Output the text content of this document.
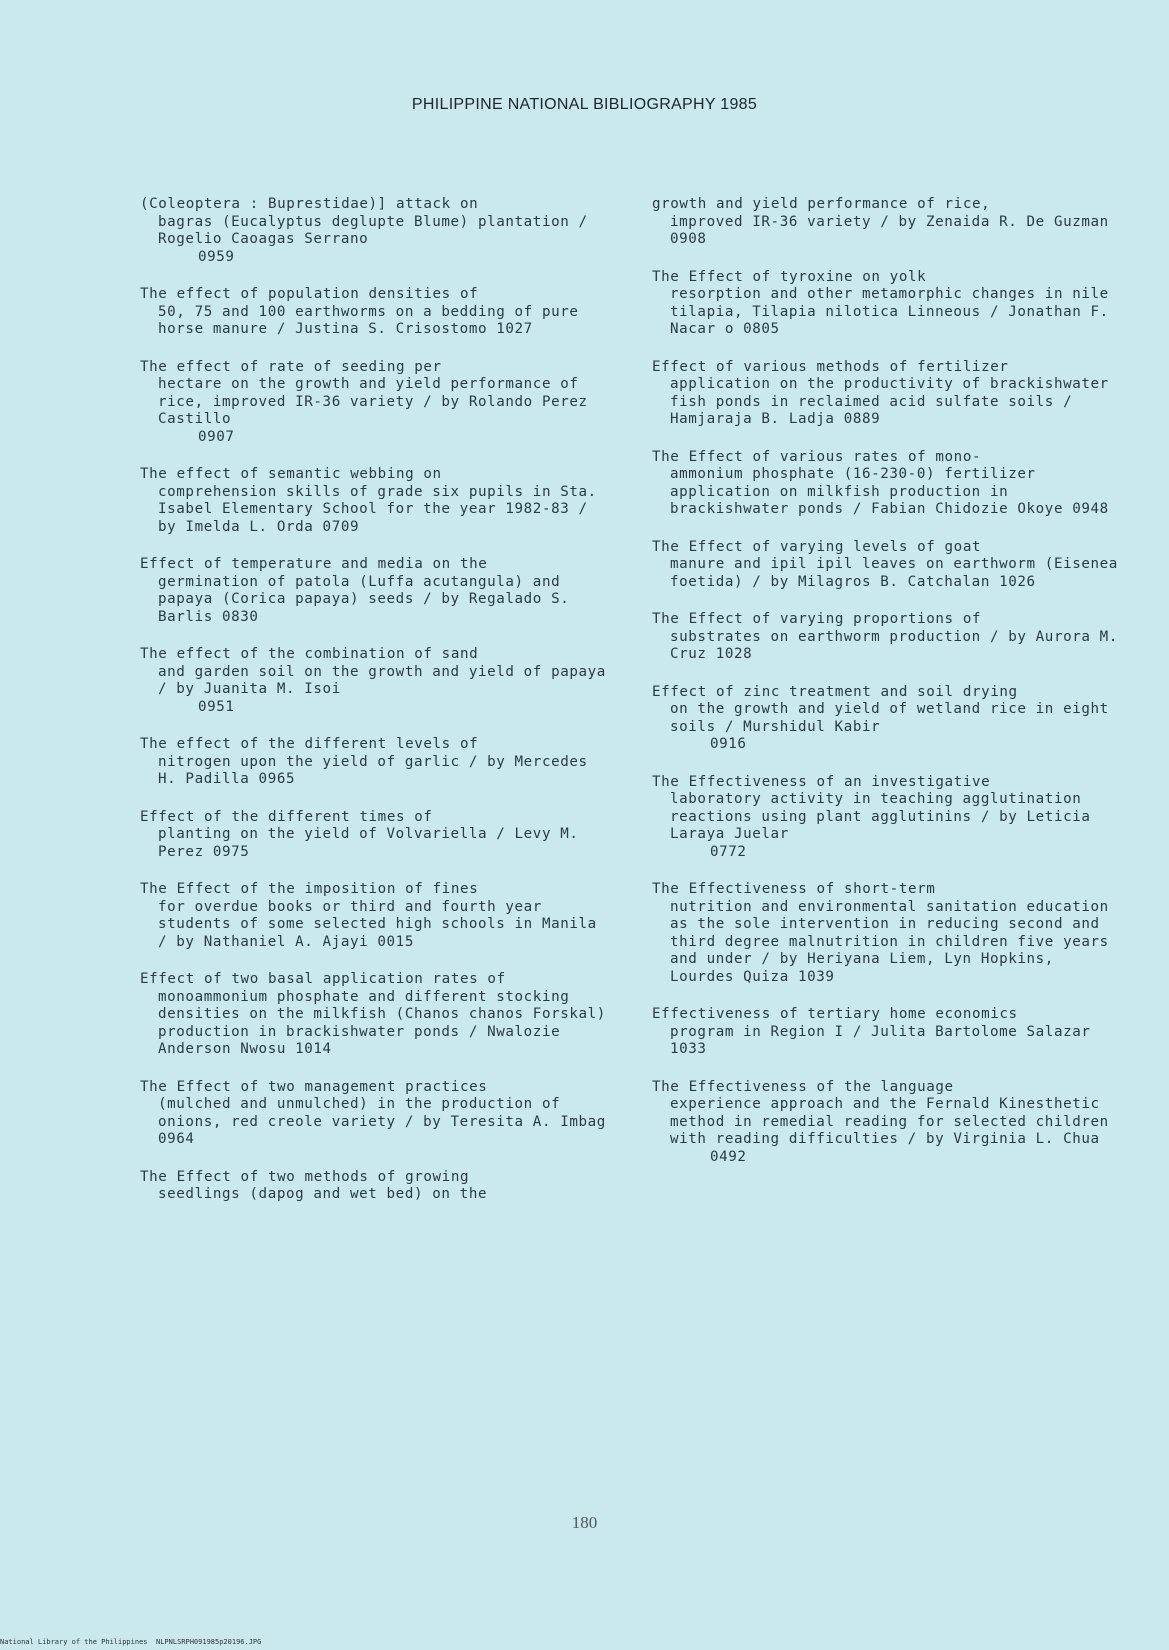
PHILIPPINE NATIONAL BIBLIOGRAPHY 1985
(Coleoptera : Buprestidae)] attack on
bagras (Eucalyptus deglupte Blume) plantation / Rogelio Caoagas Serrano
0959
The effect of population densities of
50, 75 and 100 earthworms on a bedding of pure horse manure / Justina S. Crisostomo 1027
The effect of rate of seeding per
hectare on the growth and yield performance of rice, improved IR-36 variety / by Rolando Perez Castillo
0907
The effect of semantic webbing on
comprehension skills of grade six pupils in Sta. Isabel Elementary School for the year 1982-83 / by Imelda L. Orda 0709
Effect of temperature and media on the
germination of patola (Luffa acutangula) and papaya (Corica papaya) seeds / by Regalado S. Barlis 0830
The effect of the combination of sand
and garden soil on the growth and yield of papaya / by Juanita M. Isoi
0951
The effect of the different levels of
nitrogen upon the yield of garlic / by Mercedes H. Padilla 0965
Effect of the different times of
planting on the yield of Volvariella / Levy M. Perez 0975
The Effect of the imposition of fines
for overdue books or third and fourth year students of some selected high schools in Manila / by Nathaniel A. Ajayi 0015
Effect of two basal application rates of
monoammonium phosphate and different stocking densities on the milkfish (Chanos chanos Forskal) production in brackishwater ponds / Nwalozie Anderson Nwosu 1014
The Effect of two management practices
(mulched and unmulched) in the production of onions, red creole variety / by Teresita A. Imbag 0964
The Effect of two methods of growing
seedlings (dapog and wet bed) on the
growth and yield performance of rice,
improved IR-36 variety / by Zenaida R. De Guzman 0908
The Effect of tyroxine on yolk
resorption and other metamorphic changes in nile tilapia, Tilapia nilotica Linneous / Jonathan F. Nacar o 0805
Effect of various methods of fertilizer
application on the productivity of brackishwater fish ponds in reclaimed acid sulfate soils / Hamjaraja B. Ladja 0889
The Effect of various rates of mono-
ammonium phosphate (16-230-0) fertilizer application on milkfish production in brackishwater ponds / Fabian Chidozie Okoye 0948
The Effect of varying levels of goat
manure and ipil ipil leaves on earthworm (Eisenea foetida) / by Milagros B. Catchalan 1026
The Effect of varying proportions of
substrates on earthworm production / by Aurora M. Cruz 1028
Effect of zinc treatment and soil drying
on the growth and yield of wetland rice in eight soils / Murshidul Kabir
0916
The Effectiveness of an investigative
laboratory activity in teaching agglutination reactions using plant agglutinins / by Leticia Laraya Juelar
0772
The Effectiveness of short-term
nutrition and environmental sanitation education as the sole intervention in reducing second and third degree malnutrition in children five years and under / by Heriyana Liem, Lyn Hopkins, Lourdes Quiza 1039
Effectiveness of tertiary home economics
program in Region I / Julita Bartolome Salazar 1033
The Effectiveness of the language
experience approach and the Fernald Kinesthetic method in remedial reading for selected children with reading difficulties / by Virginia L. Chua
0492
180
National Library of the Philippines NLPNLSRPH091985p20196.JPG
